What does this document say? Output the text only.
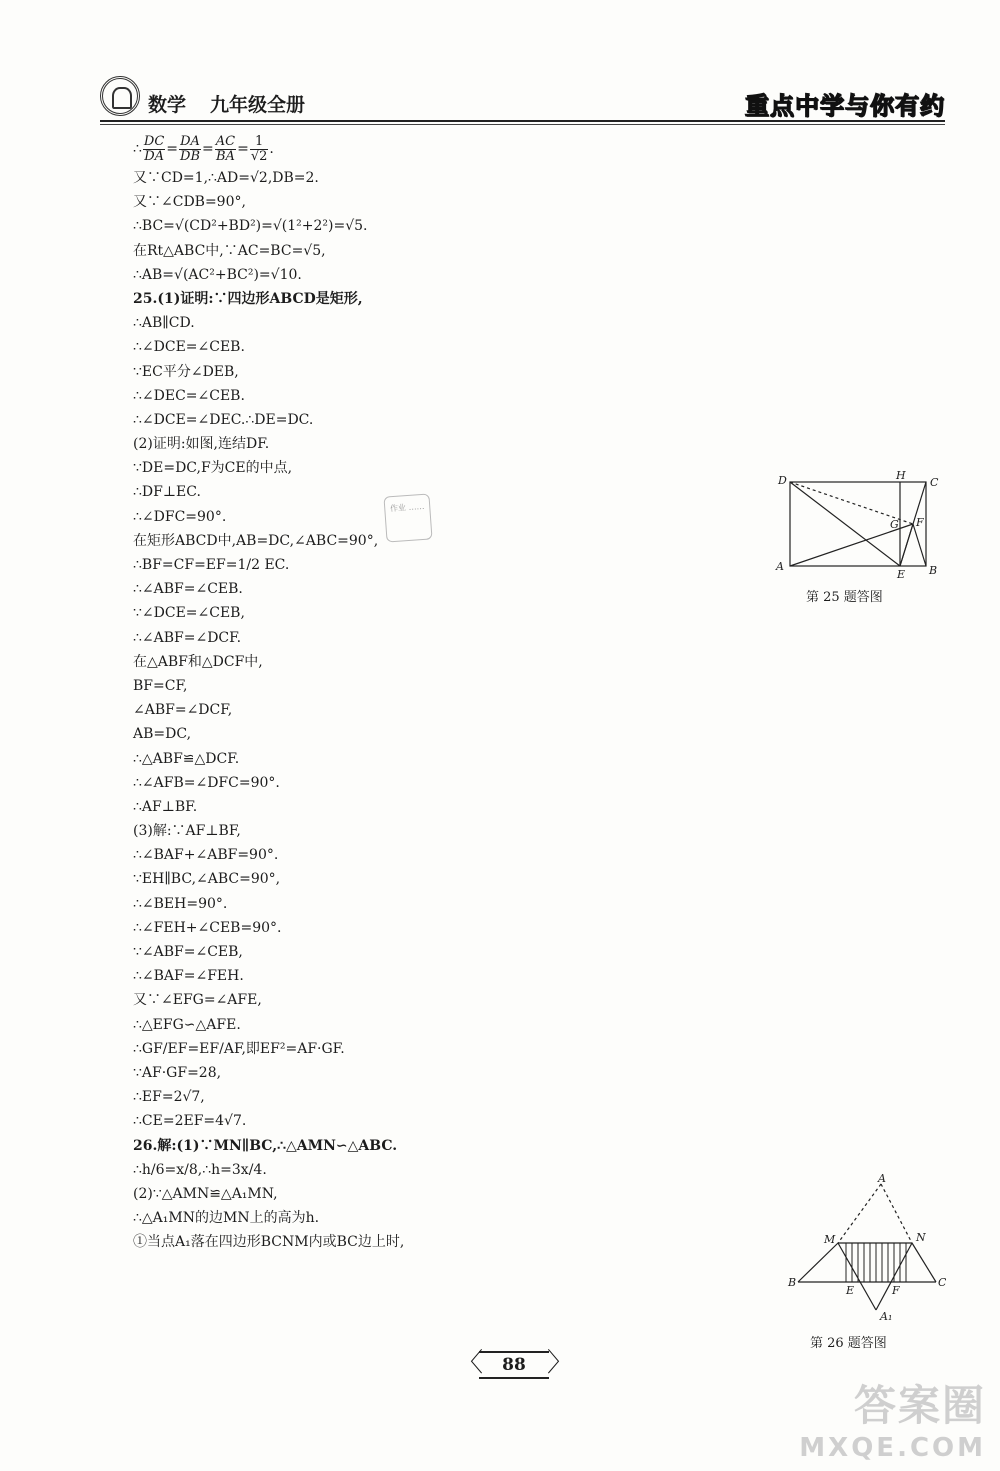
数学 九年级全册	重点中学与你有约
∴ $\frac{DC}{DA} = \frac{DA}{DB} = \frac{AC}{BA} = \frac{1}{√2}$ .
又∵CD=1,∴AD=√2,DB=2.
又∵∠CDB=90°,
∴BC=√(CD²+BD²)=√(1²+2²)=√5.
在Rt△ABC中,∵AC=BC=√5,
∴AB=√(AC²+BC²)=√10.
25.(1)证明:∵四边形ABCD是矩形,
∴AB∥CD.
∴∠DCE=∠CEB.
∵EC平分∠DEB,
∴∠DEC=∠CEB.
∴∠DCE=∠DEC.∴DE=DC.
(2)证明:如图,连结DF.
∵DE=DC,F为CE的中点,
∴DF⊥EC.
∴∠DFC=90°.
在矩形ABCD中,AB=DC,∠ABC=90°,
∴BF=CF=EF=1/2 EC.
∴∠ABF=∠CEB.
∵∠DCE=∠CEB,
∴∠ABF=∠DCF.
在△ABF和△DCF中,
BF=CF,
∠ABF=∠DCF,
AB=DC,
∴△ABF≌△DCF.
∴∠AFB=∠DFC=90°.
∴AF⊥BF.
(3)解:∵AF⊥BF,
∴∠BAF+∠ABF=90°.
∵EH∥BC,∠ABC=90°,
∴∠BEH=90°.
∴∠FEH+∠CEB=90°.
∵∠ABF=∠CEB,
∴∠BAF=∠FEH.
又∵∠EFG=∠AFE,
∴△EFG∽△AFE.
∴GF/EF=EF/AF,即EF²=AF·GF.
∵AF·GF=28,
∴EF=2√7,
∴CE=2EF=4√7.
26.解:(1)∵MN∥BC,∴△AMN∽△ABC.
∴h/6=x/8,∴h=3x/4.
(2)∵△AMN≌△A₁MN,
∴△A₁MN的边MN上的高为h.
①当点A₁落在四边形BCNM内或BC边上时,
D	H
C
G F
A
E B
第 25 题答图
A
M	N
B
E	F
C
A₁
第 26 题答图
作业 ……
〈	88 〉
答案圈
MXQE.COM
